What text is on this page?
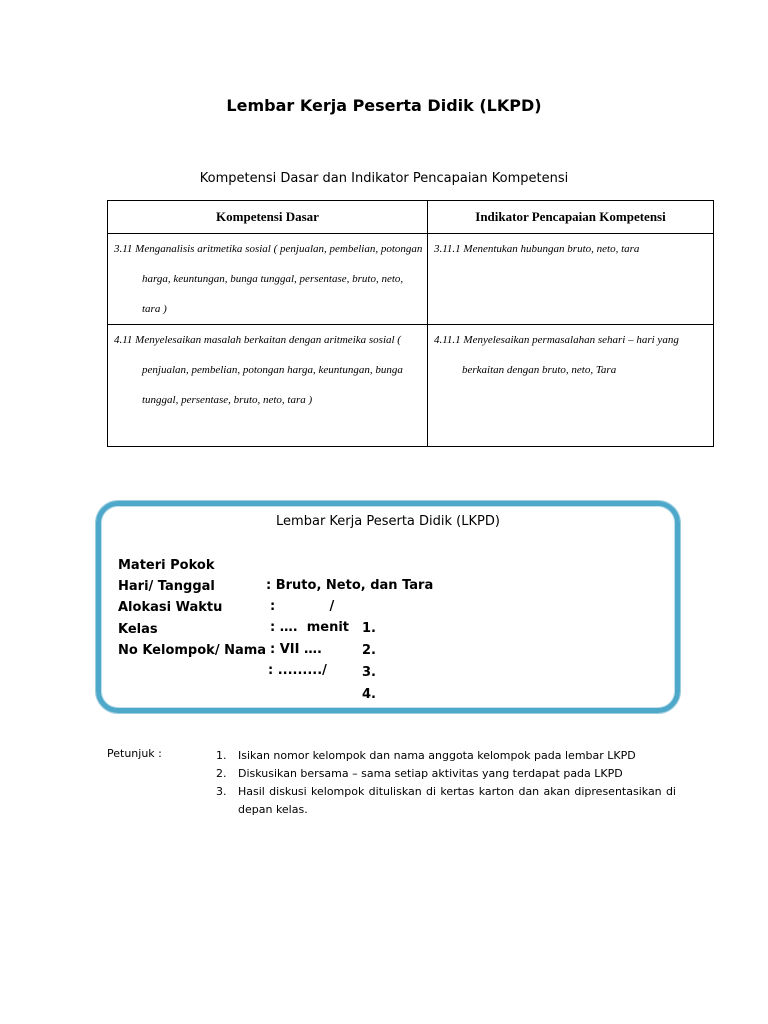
Lembar Kerja Peserta Didik (LKPD)
Kompetensi Dasar dan Indikator Pencapaian Kompetensi
Kompetensi Dasar	Indikator Pencapaian Kompetensi

3.11 Menganalisis aritmetika sosial ( penjualan, pembelian, potongan harga, keuntungan, bunga tunggal, persentase, bruto, neto, tara )	3.11.1 Menentukan hubungan bruto, neto, tara

4.11 Menyelesaikan masalah berkaitan dengan aritmeika sosial ( penjualan, pembelian, potongan harga, keuntungan, bunga tunggal, persentase, bruto, neto, tara )	4.11.1 Menyelesaikan permasalahan sehari – hari yang berkaitan dengan bruto, neto, Tara
Lembar Kerja Peserta Didik (LKPD)

Materi Pokok

: Bruto, Neto, dan Tara

Hari/ Tanggal

:            /

Alokasi Waktu

: ….  menit

Kelas

: VII ….

No Kelompok/ Nama

: ........./

1.
2.
3.
4.
Petunjuk :	1. Isikan nomor kelompok dan nama anggota kelompok pada lembar LKPD
2. Diskusikan bersama – sama setiap aktivitas yang terdapat pada LKPD
3. Hasil diskusi kelompok dituliskan di kertas karton dan akan dipresentasikan di depan kelas.
